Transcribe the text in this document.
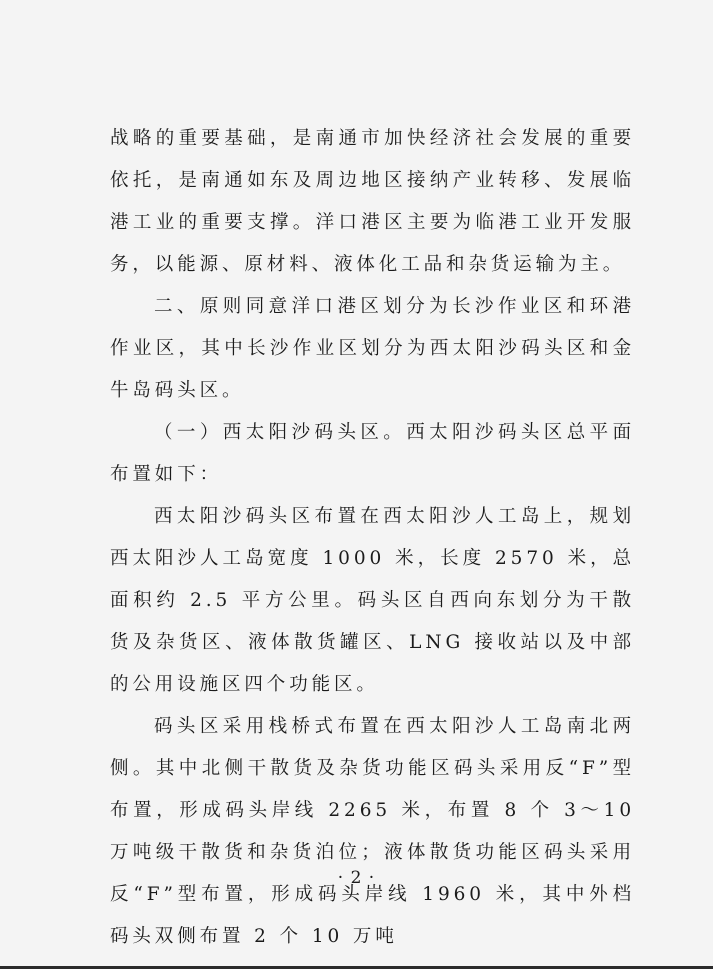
战略的重要基础，是南通市加快经济社会发展的重要依托，是南通如东及周边地区接纳产业转移、发展临港工业的重要支撑。洋口港区主要为临港工业开发服务，以能源、原材料、液体化工品和杂货运输为主。

二、原则同意洋口港区划分为长沙作业区和环港作业区，其中长沙作业区划分为西太阳沙码头区和金牛岛码头区。

（一）西太阳沙码头区。西太阳沙码头区总平面布置如下：

西太阳沙码头区布置在西太阳沙人工岛上，规划西太阳沙人工岛宽度 1000 米，长度 2570 米，总面积约 2.5 平方公里。码头区自西向东划分为干散货及杂货区、液体散货罐区、LNG 接收站以及中部的公用设施区四个功能区。

码头区采用栈桥式布置在西太阳沙人工岛南北两侧。其中北侧干散货及杂货功能区码头采用反“F”型布置，形成码头岸线 2265 米，布置 8 个 3～10 万吨级干散货和杂货泊位；液体散货功能区码头采用反“F”型布置，形成码头岸线 1960 米，其中外档码头双侧布置 2 个 10 万吨

· 2 ·
